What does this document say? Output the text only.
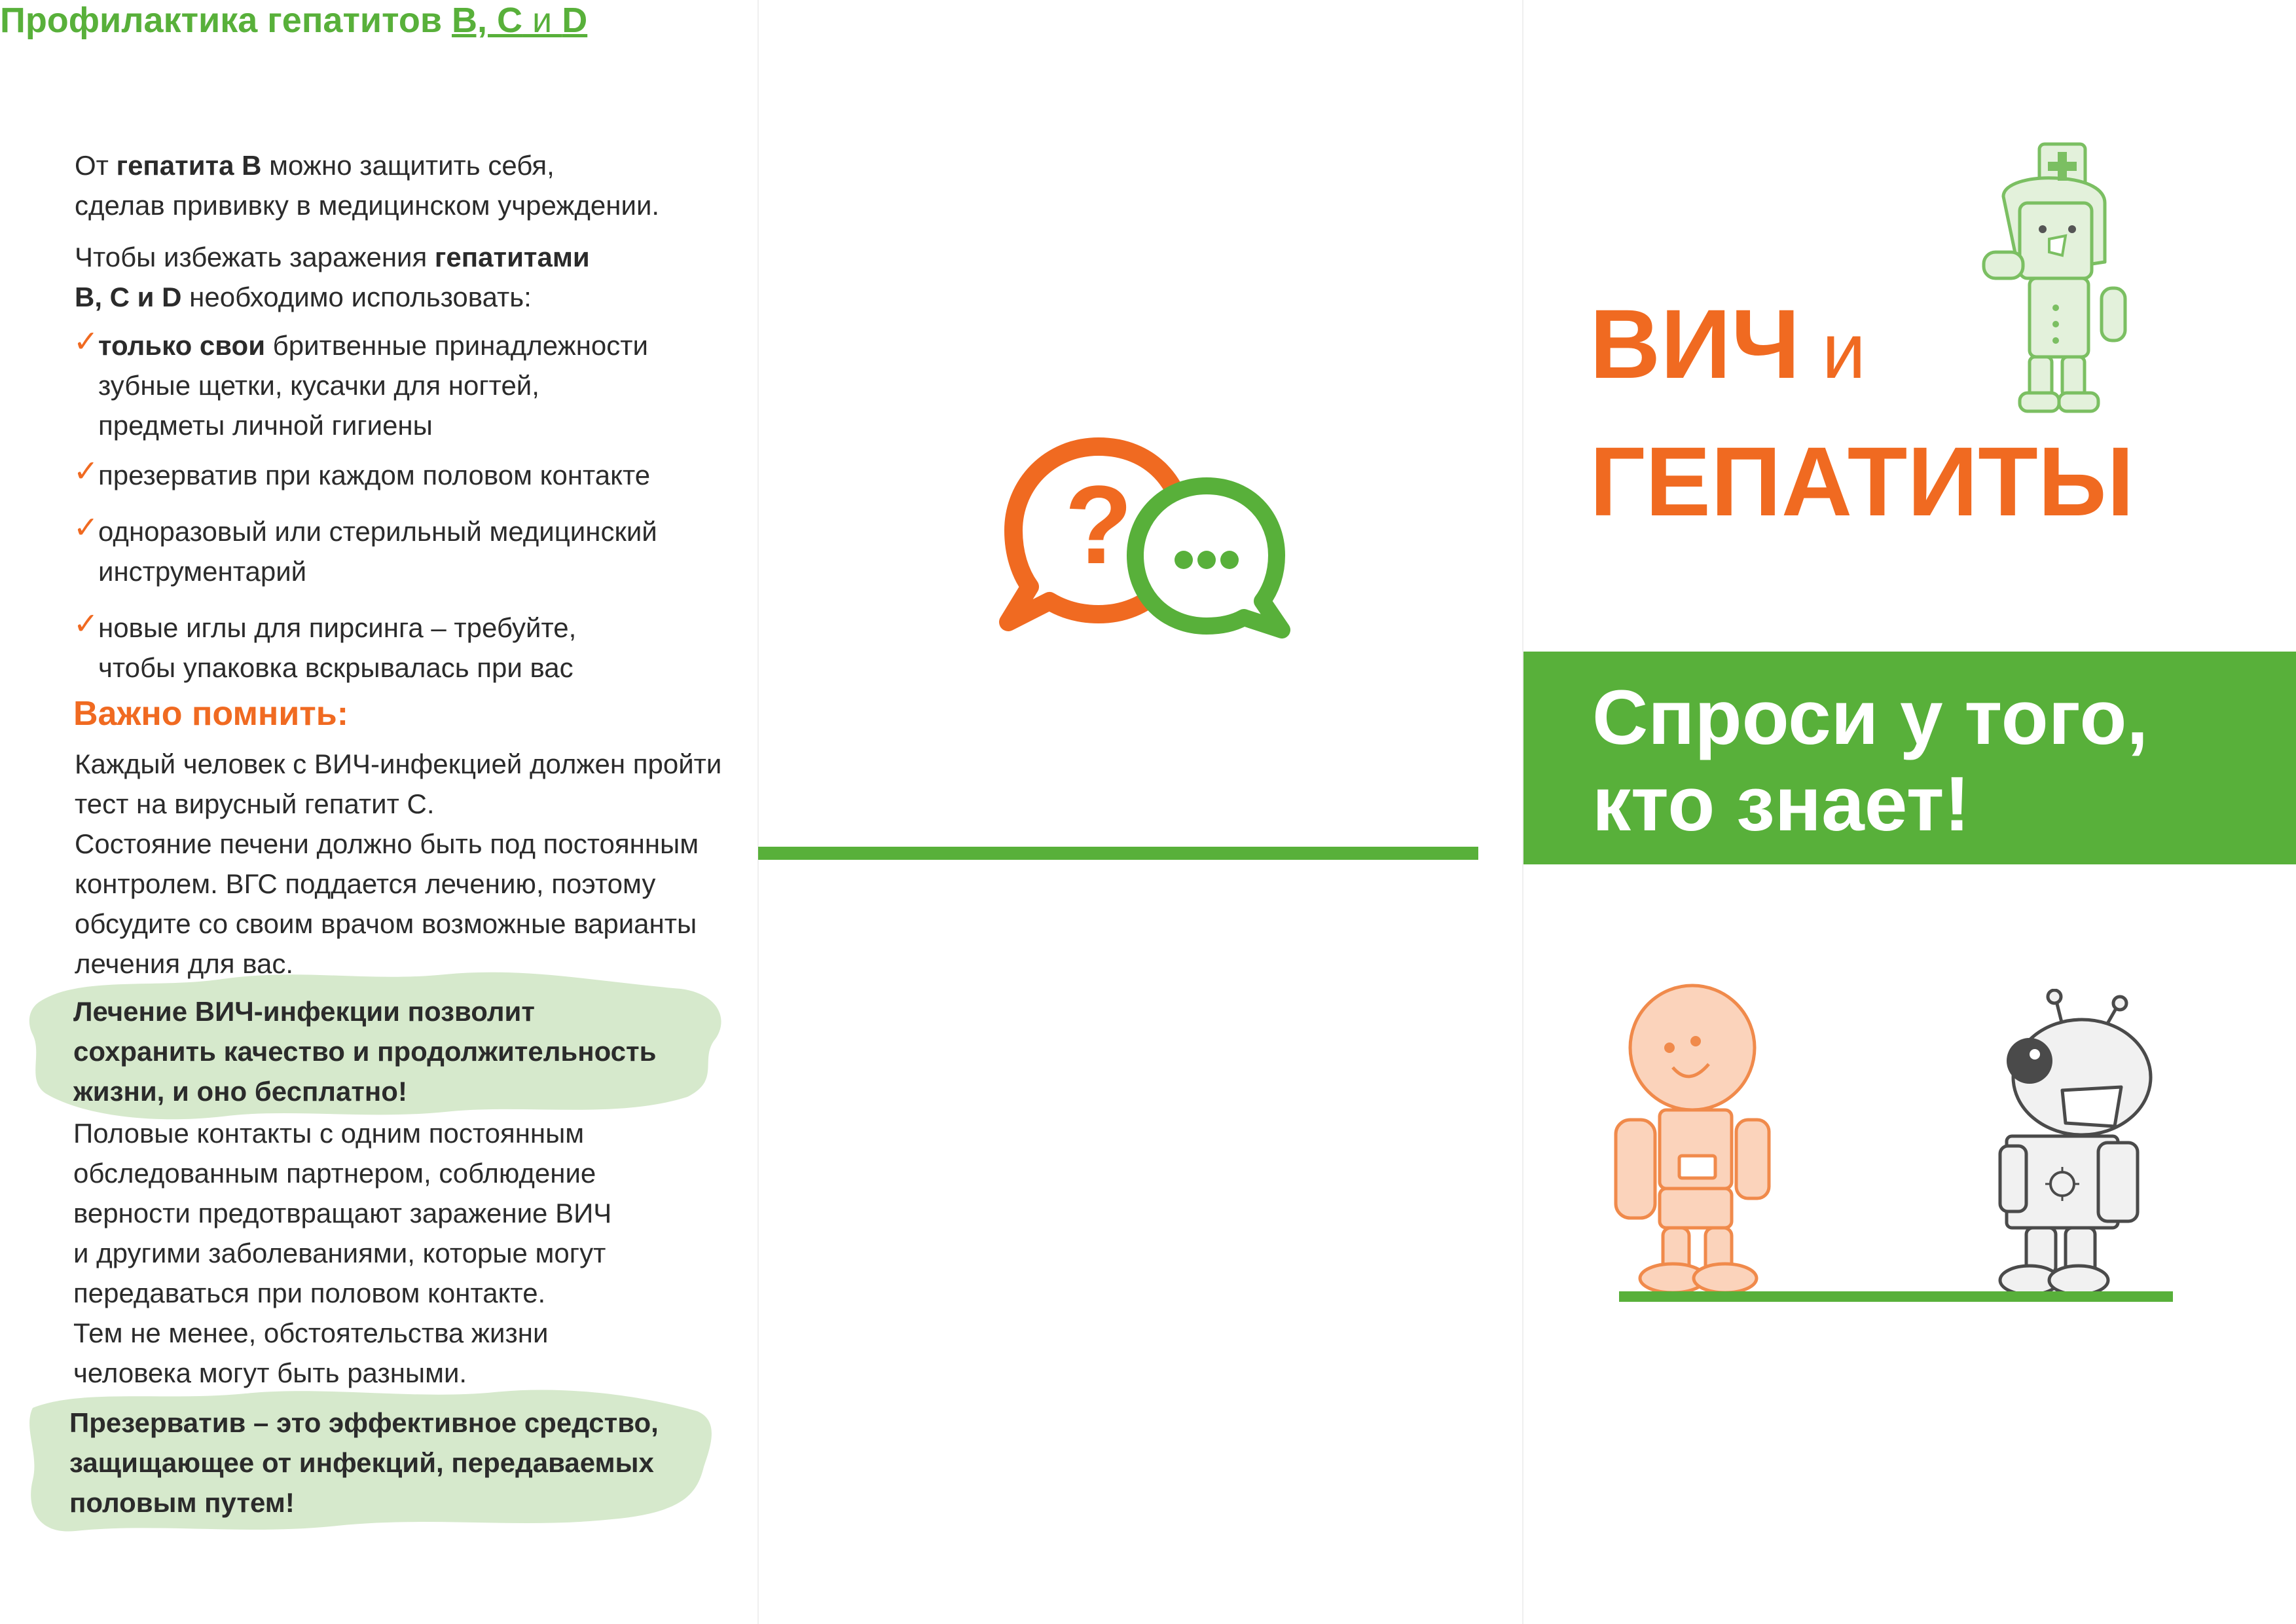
Профилактика гепатитов B, C и D
От гепатита В можно защитить себя,
сделав прививку в медицинском учреждении.
Чтобы избежать заражения гепатитами
В, С и D необходимо использовать:
✓ только свои бритвенные принадлежности
зубные щетки, кусачки для ногтей,
предметы личной гигиены
✓ презерватив при каждом половом контакте
✓ одноразовый или стерильный медицинский
инструментарий
✓ новые иглы для пирсинга – требуйте,
чтобы упаковка вскрывалась при вас
Важно помнить:
Каждый человек с ВИЧ-инфекцией должен пройти
тест на вирусный гепатит С.
Состояние печени должно быть под постоянным
контролем. ВГС поддается лечению, поэтому
обсудите со своим врачом возможные варианты
лечения для вас.
Лечение ВИЧ-инфекции позволит
сохранить качество и продолжительность
жизни, и оно бесплатно!
Половые контакты с одним постоянным
обследованным партнером, соблюдение
верности предотвращают заражение ВИЧ
и другими заболеваниями, которые могут
передаваться при половом контакте.
Тем не менее, обстоятельства жизни
человека могут быть разными.
Презерватив – это эффективное средство,
защищающее от инфекций, передаваемых
половым путем!
?
ВИЧ и
ГЕПАТИТЫ
Спроси у того,
кто знает!
